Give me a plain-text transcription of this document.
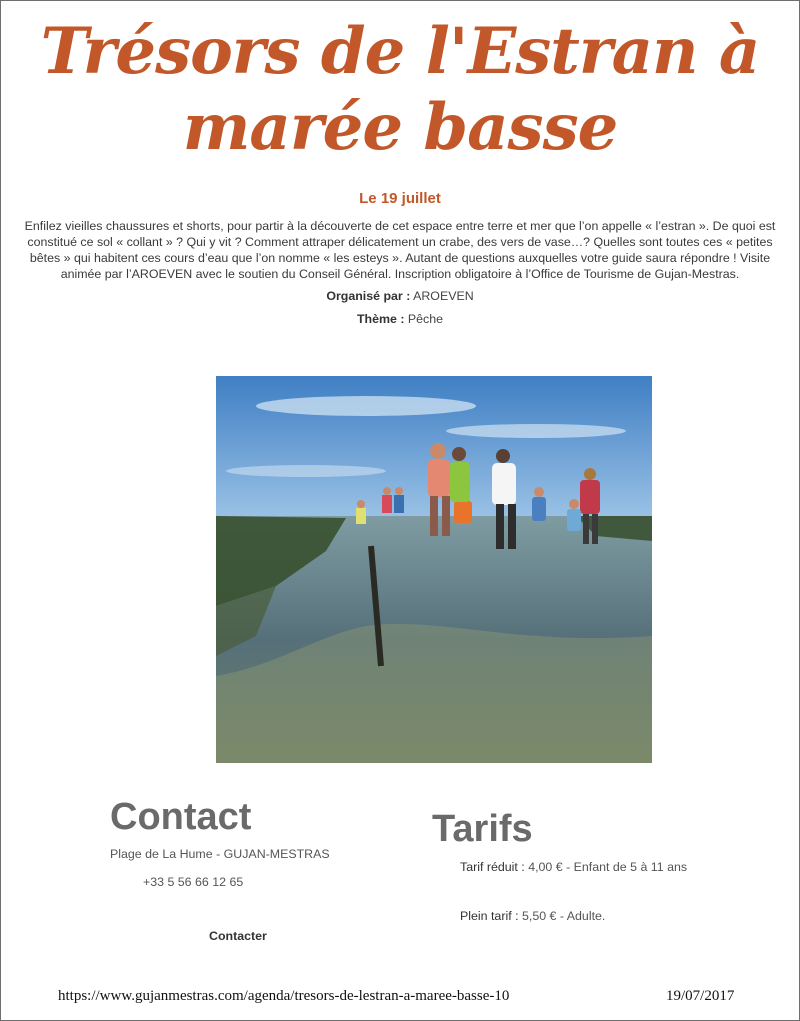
Trésors de l'Estran à marée basse
Le 19 juillet
Enfilez vieilles chaussures et shorts, pour partir à la découverte de cet espace entre terre et mer que l’on appelle « l’estran ». De quoi est constitué ce sol « collant » ? Qui y vit ? Comment attraper délicatement un crabe, des vers de vase…? Quelles sont toutes ces « petites bêtes » qui habitent ces cours d’eau que l’on nomme « les esteys ». Autant de questions auxquelles votre guide saura répondre ! Visite animée par l’AROEVEN avec le soutien du Conseil Général. Inscription obligatoire à l’Office de Tourisme de Gujan-Mestras.
Organisé par : AROEVEN
Thème : Pêche
Contact
Plage de La Hume - GUJAN-MESTRAS
+33 5 56 66 12 65
Contacter
Tarifs
Tarif réduit : 4,00 € - Enfant de 5 à 11 ans
Plein tarif : 5,50 € - Adulte.
https://www.gujanmestras.com/agenda/tresors-de-lestran-a-maree-basse-10	19/07/2017
